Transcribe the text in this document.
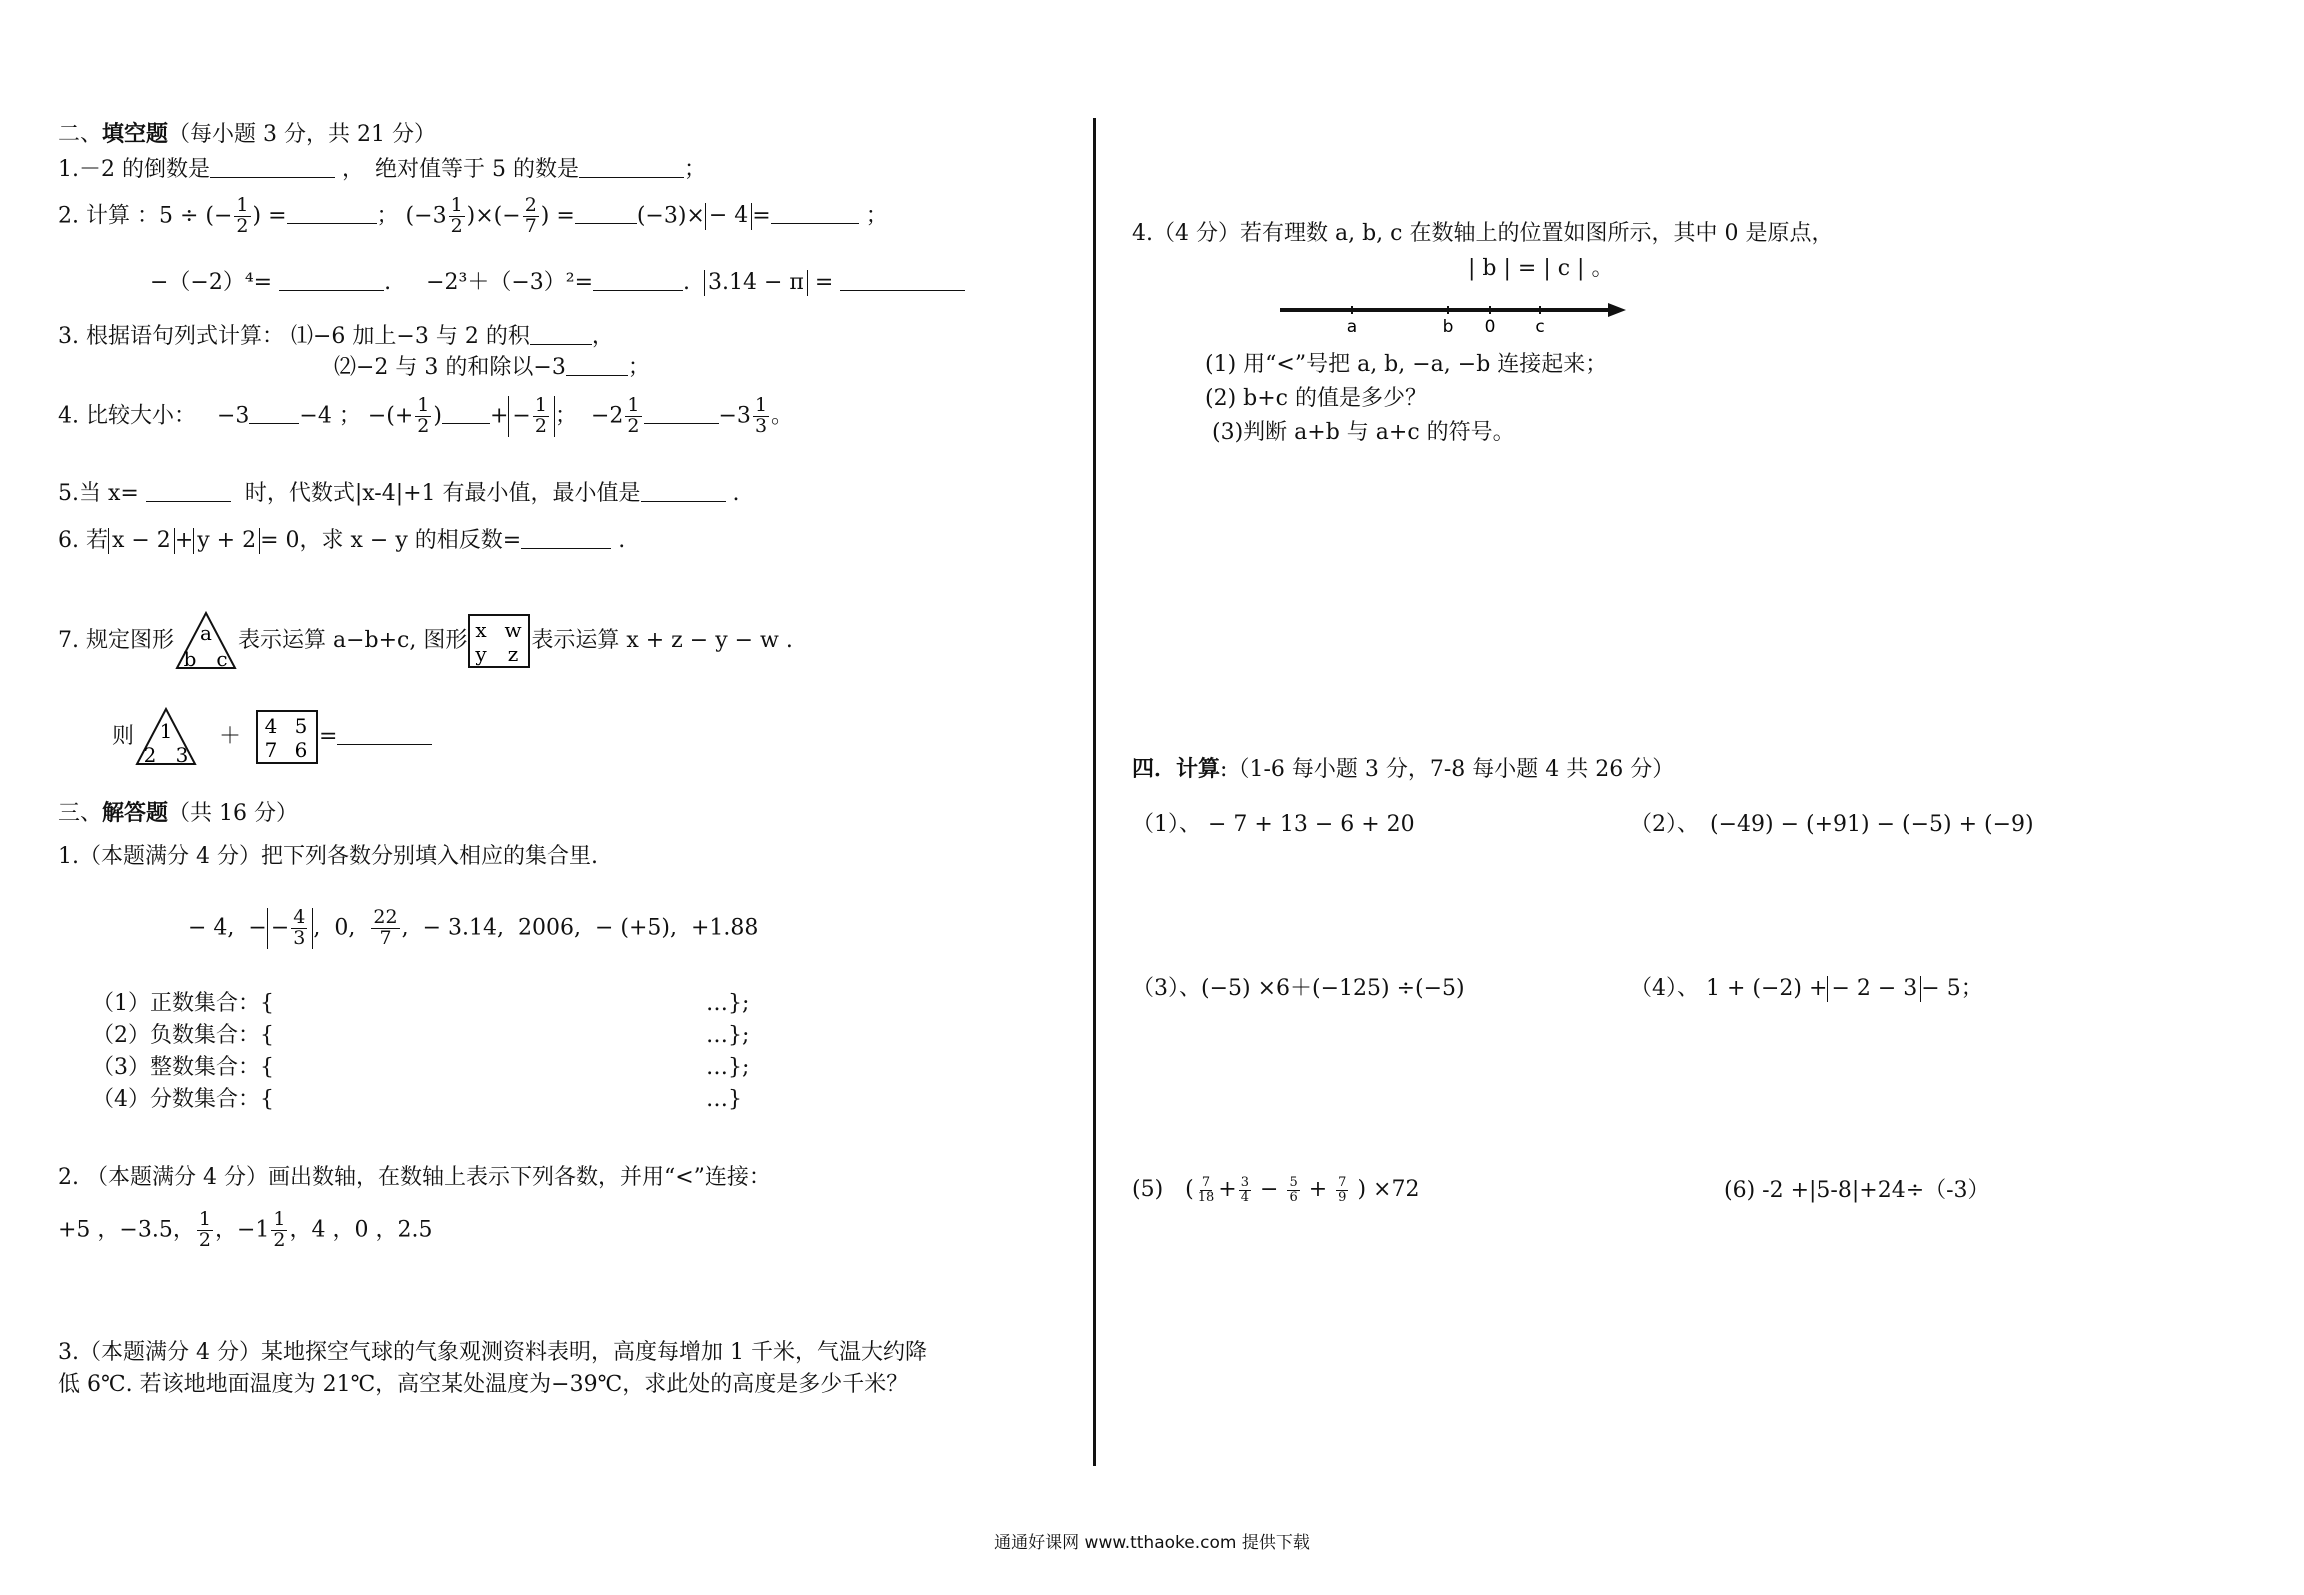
二、填空题（每小题 3 分，共 21 分）
1.－2 的倒数是	，　绝对值等于 5 的数是	；
2. 计算 ：5 ÷ (− $\frac{1}{2}$ ) =	； ($-3 \frac{1}{2}$ )×(− $\frac{2}{7}$ ) =	(−3)× − 4 =	；
−（−2）⁴=	. −2³＋（−3）²=	. 3.14 − π =
3. 根据语句列式计算： ⑴−6 加上−3 与 2 的积	，
⑵−2 与 3 的和除以−3	；
4. 比较大小： −3 −4 ； −(+ $\frac{1}{2}$ ) + − $\frac{1}{2}$ ； $-2 \frac{1}{2}$	$-3 \frac{1}{3}$ 。
5.当 x=	时，代数式|x-4|+1 有最小值，最小值是	.
6. 若 x − 2 + y + 2 = 0，求 x − y 的相反数=	.
7. 规定图形 a
b c
表示运算 a−b+c, 图形 x w
y z
表示运算 x + z − y − w .
则 1
2 3
＋ 4 5
7 6
=
三、解答题（共 16 分）
1.（本题满分 4 分）把下列各数分别填入相应的集合里.
− 4, − − $\frac{4}{3}$ , 0, $\frac{22}{7}$ , − 3.14, 2006, − (+5), +1.88
（1）正数集合：{	…};
（2）负数集合：{	…};
（3）整数集合：{	…};
（4）分数集合：{	…}
2. （本题满分 4 分）画出数轴，在数轴上表示下列各数，并用“<”连接：
+5 ，−3.5， $\frac{1}{2}$ ，$-1 \frac{1}{2}$ ，4 ，0 ，2.5
3.（本题满分 4 分）某地探空气球的气象观测资料表明，高度每增加 1 千米，气温大约降
低 6℃. 若该地地面温度为 21℃，高空某处温度为−39℃，求此处的高度是多少千米？
4.（4 分）若有理数 a, b, c 在数轴上的位置如图所示，其中 0 是原点，
| b | = | c | 。
a	b 0 c
(1) 用“<”号把 a, b, −a, −b 连接起来；
(2) b+c 的值是多少？
(3)判断 a+b 与 a+c 的符号。
四．计算:（1-6 每小题 3 分，7-8 每小题 4 共 26 分）
（1）、 − 7 + 13 − 6 + 20	（2）、　(−49) − (+91) − (−5) + (−9)
（3）、(−5) ×6＋(−125) ÷(−5)	（4）、 1 + (−2) + − 2 − 3 − 5；
(5)　( $\frac{7}{18} + \frac{3}{4} - \frac{5}{6} + \frac{7}{9}$ ) ×72	(6) -2 +|5-8|+24÷（-3）
通通好课网 www.tthaoke.com 提供下载
